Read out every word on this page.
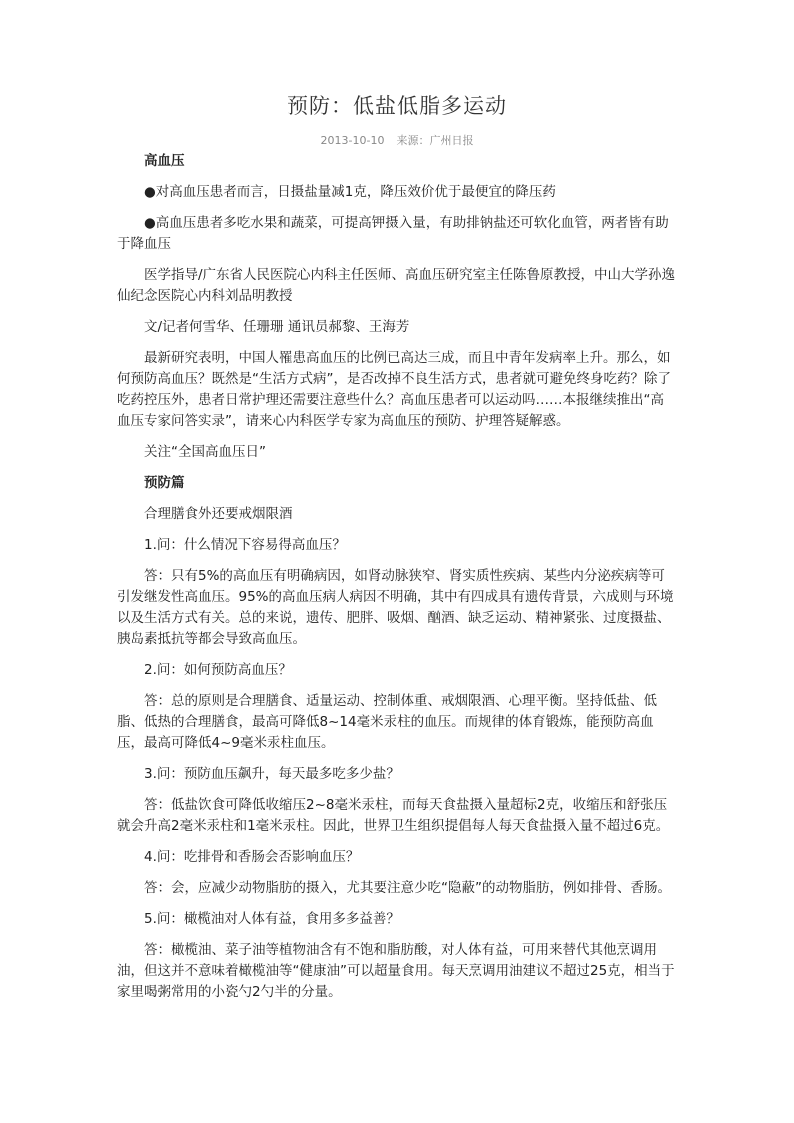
预防：低盐低脂多运动
2013-10-10 来源：广州日报

高血压

●对高血压患者而言，日摄盐量减1克，降压效价优于最便宜的降压药

●高血压患者多吃水果和蔬菜，可提高钾摄入量，有助排钠盐还可软化血管，两者皆有助于降血压

医学指导/广东省人民医院心内科主任医师、高血压研究室主任陈鲁原教授，中山大学孙逸仙纪念医院心内科刘品明教授

文/记者何雪华、任珊珊 通讯员郝黎、王海芳

最新研究表明，中国人罹患高血压的比例已高达三成，而且中青年发病率上升。那么，如何预防高血压？既然是“生活方式病”，是否改掉不良生活方式，患者就可避免终身吃药？除了吃药控压外，患者日常护理还需要注意些什么？高血压患者可以运动吗……本报继续推出“高血压专家问答实录”，请来心内科医学专家为高血压的预防、护理答疑解惑。

关注“全国高血压日”

预防篇

合理膳食外还要戒烟限酒

1.问：什么情况下容易得高血压？

答：只有5%的高血压有明确病因，如肾动脉狭窄、肾实质性疾病、某些内分泌疾病等可引发继发性高血压。95%的高血压病人病因不明确，其中有四成具有遗传背景，六成则与环境以及生活方式有关。总的来说，遗传、肥胖、吸烟、酗酒、缺乏运动、精神紧张、过度摄盐、胰岛素抵抗等都会导致高血压。

2.问：如何预防高血压？

答：总的原则是合理膳食、适量运动、控制体重、戒烟限酒、心理平衡。坚持低盐、低脂、低热的合理膳食，最高可降低8~14毫米汞柱的血压。而规律的体育锻炼，能预防高血压，最高可降低4~9毫米汞柱血压。

3.问：预防血压飙升，每天最多吃多少盐？

答：低盐饮食可降低收缩压2~8毫米汞柱，而每天食盐摄入量超标2克，收缩压和舒张压就会升高2毫米汞柱和1毫米汞柱。因此，世界卫生组织提倡每人每天食盐摄入量不超过6克。

4.问：吃排骨和香肠会否影响血压？

答：会，应减少动物脂肪的摄入，尤其要注意少吃“隐蔽”的动物脂肪，例如排骨、香肠。

5.问：橄榄油对人体有益，食用多多益善？

答：橄榄油、菜子油等植物油含有不饱和脂肪酸，对人体有益，可用来替代其他烹调用油，但这并不意味着橄榄油等“健康油”可以超量食用。每天烹调用油建议不超过25克，相当于家里喝粥常用的小瓷勺2勺半的分量。
